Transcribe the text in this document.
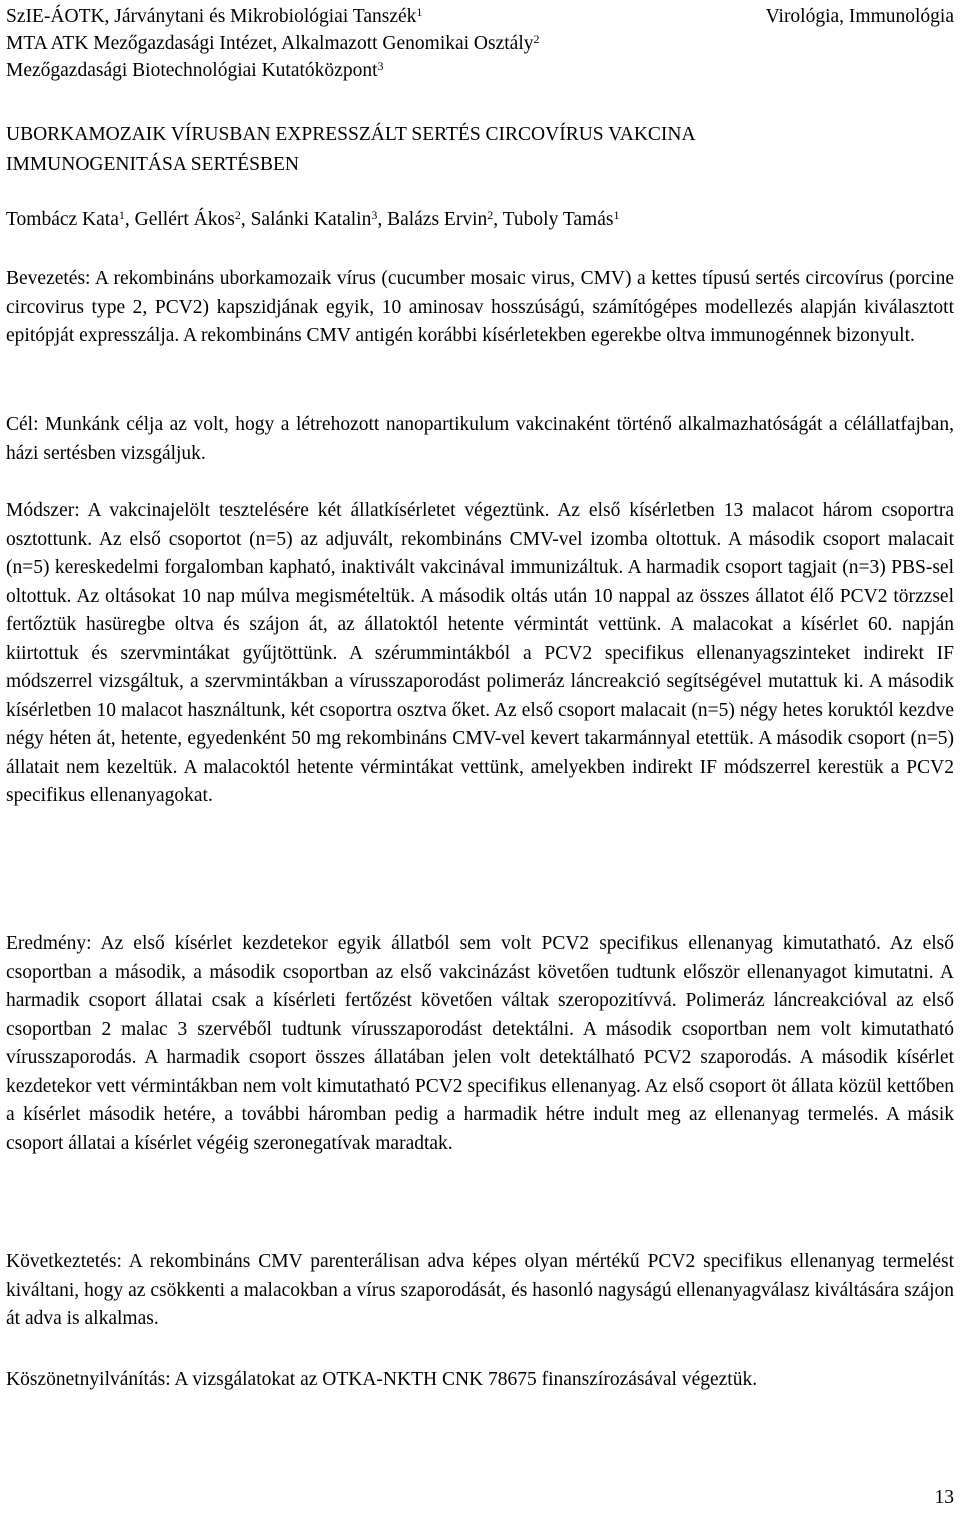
SzIE-ÁOTK, Járványtani és Mikrobiológiai Tanszék$^1$
MTA ATK Mezőgazdasági Intézet, Alkalmazott Genomikai Osztály$^2$
Mezőgazdasági Biotechnológiai Kutatóközpont$^3$
Virológia, Immunológia
UBORKAMOZAIK VÍRUSBAN EXPRESSZÁLT SERTÉS CIRCOVÍRUS VAKCINA
IMMUNOGENITÁSA SERTÉSBEN
Tombácz Kata$^1$, Gellért Ákos$^2$, Salánki Katalin$^3$, Balázs Ervin$^2$, Tuboly Tamás$^1$

Bevezetés: A rekombináns uborkamozaik vírus (cucumber mosaic virus, CMV) a kettes típusú sertés circovírus (porcine circovirus type 2, PCV2) kapszidjának egyik, 10 aminosav hosszúságú, számítógépes modellezés alapján kiválasztott epitópját expresszálja. A rekombináns CMV antigén korábbi kísérletekben egerekbe oltva immunogénnek bizonyult.

Cél: Munkánk célja az volt, hogy a létrehozott nanopartikulum vakcinaként történő alkalmazhatóságát a célállatfajban, házi sertésben vizsgáljuk.

Módszer: A vakcinajelölt tesztelésére két állatkísérletet végeztünk. Az első kísérletben 13 malacot három csoportra osztottunk. Az első csoportot (n=5) az adjuvált, rekombináns CMV-vel izomba oltottuk. A második csoport malacait (n=5) kereskedelmi forgalomban kapható, inaktivált vakcinával immunizáltuk. A harmadik csoport tagjait (n=3) PBS-sel oltottuk. Az oltásokat 10 nap múlva megismételtük. A második oltás után 10 nappal az összes állatot élő PCV2 törzzsel fertőztük hasüregbe oltva és szájon át, az állatoktól hetente vérmintát vettünk. A malacokat a kísérlet 60. napján kiirtottuk és szervmintákat gyűjtöttünk. A szérummintákból a PCV2 specifikus ellenanyagszinteket indirekt IF módszerrel vizsgáltuk, a szervmintákban a vírusszaporodást polimeráz láncreakció segítségével mutattuk ki. A második kísérletben 10 malacot használtunk, két csoportra osztva őket. Az első csoport malacait (n=5) négy hetes koruktól kezdve négy héten át, hetente, egyedenként 50 mg rekombináns CMV-vel kevert takarmánnyal etettük. A második csoport (n=5) állatait nem kezeltük. A malacoktól hetente vérmintákat vettünk, amelyekben indirekt IF módszerrel kerestük a PCV2 specifikus ellenanyagokat.

Eredmény: Az első kísérlet kezdetekor egyik állatból sem volt PCV2 specifikus ellenanyag kimutatható. Az első csoportban a második, a második csoportban az első vakcinázást követően tudtunk először ellenanyagot kimutatni. A harmadik csoport állatai csak a kísérleti fertőzést követően váltak szeropozitívvá. Polimeráz láncreakcióval az első csoportban 2 malac 3 szervéből tudtunk vírusszaporodást detektálni. A második csoportban nem volt kimutatható vírusszaporodás. A harmadik csoport összes állatában jelen volt detektálható PCV2 szaporodás. A második kísérlet kezdetekor vett vérmintákban nem volt kimutatható PCV2 specifikus ellenanyag. Az első csoport öt állata közül kettőben a kísérlet második hetére, a további háromban pedig a harmadik hétre indult meg az ellenanyag termelés. A másik csoport állatai a kísérlet végéig szeronegatívak maradtak.

Következtetés: A rekombináns CMV parenterálisan adva képes olyan mértékű PCV2 specifikus ellenanyag termelést kiváltani, hogy az csökkenti a malacokban a vírus szaporodását, és hasonló nagyságú ellenanyagválasz kiváltására szájon át adva is alkalmas.

Köszönetnyilvánítás: A vizsgálatokat az OTKA-NKTH CNK 78675 finanszírozásával végeztük.

13
